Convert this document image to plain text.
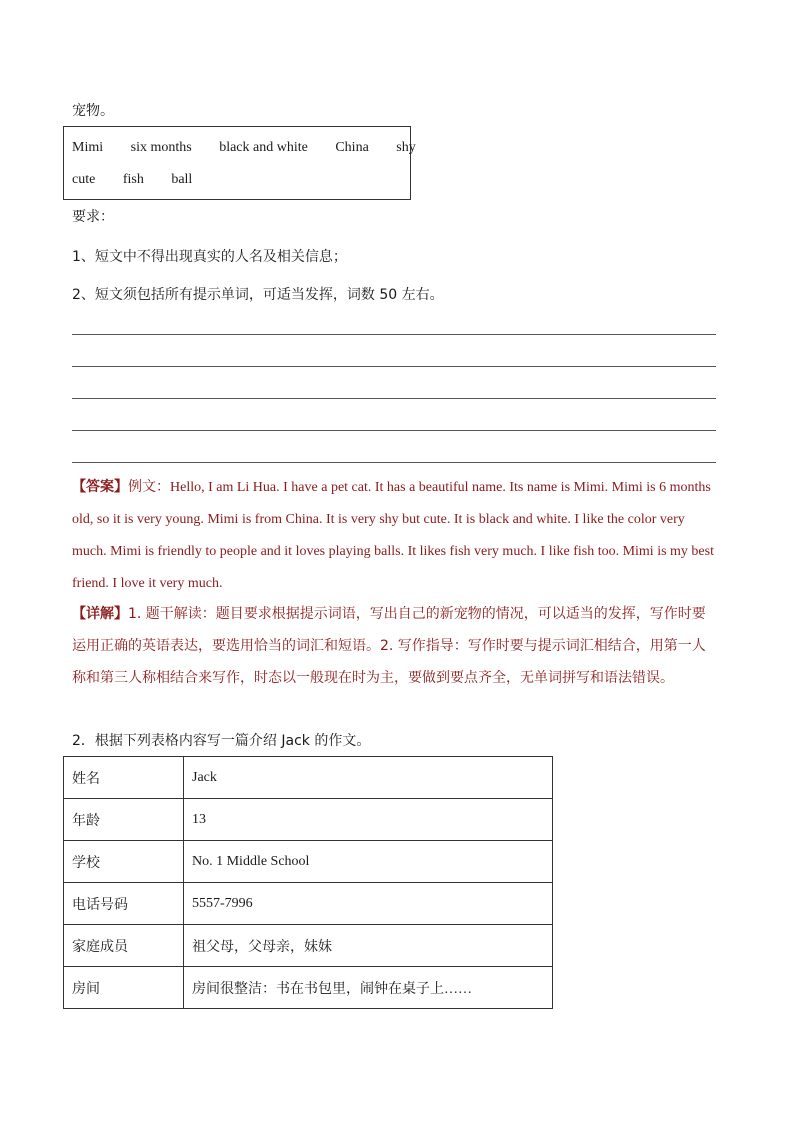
宠物。
Mimi six months black and white China shy
cute fish ball
要求：
1、短文中不得出现真实的人名及相关信息；
2、短文须包括所有提示单词，可适当发挥，词数 50 左右。
【答案】例文：Hello, I am Li Hua. I have a pet cat. It has a beautiful name. Its name is Mimi. Mimi is 6 months old, so it is very young. Mimi is from China. It is very shy but cute. It is black and white. I like the color very much. Mimi is friendly to people and it loves playing balls. It likes fish very much. I like fish too. Mimi is my best friend. I love it very much.
【详解】1. 题干解读：题目要求根据提示词语，写出自己的新宠物的情况，可以适当的发挥，写作时要运用正确的英语表达，要选用恰当的词汇和短语。2. 写作指导：写作时要与提示词汇相结合，用第一人称和第三人称相结合来写作，时态以一般现在时为主，要做到要点齐全，无单词拼写和语法错误。
2．根据下列表格内容写一篇介绍 Jack 的作文。
姓名	Jack
年龄	13
学校	No. 1 Middle School
电话号码	5557-7996
家庭成员	祖父母，父母亲，妹妹
房间	房间很整洁：书在书包里，闹钟在桌子上……
